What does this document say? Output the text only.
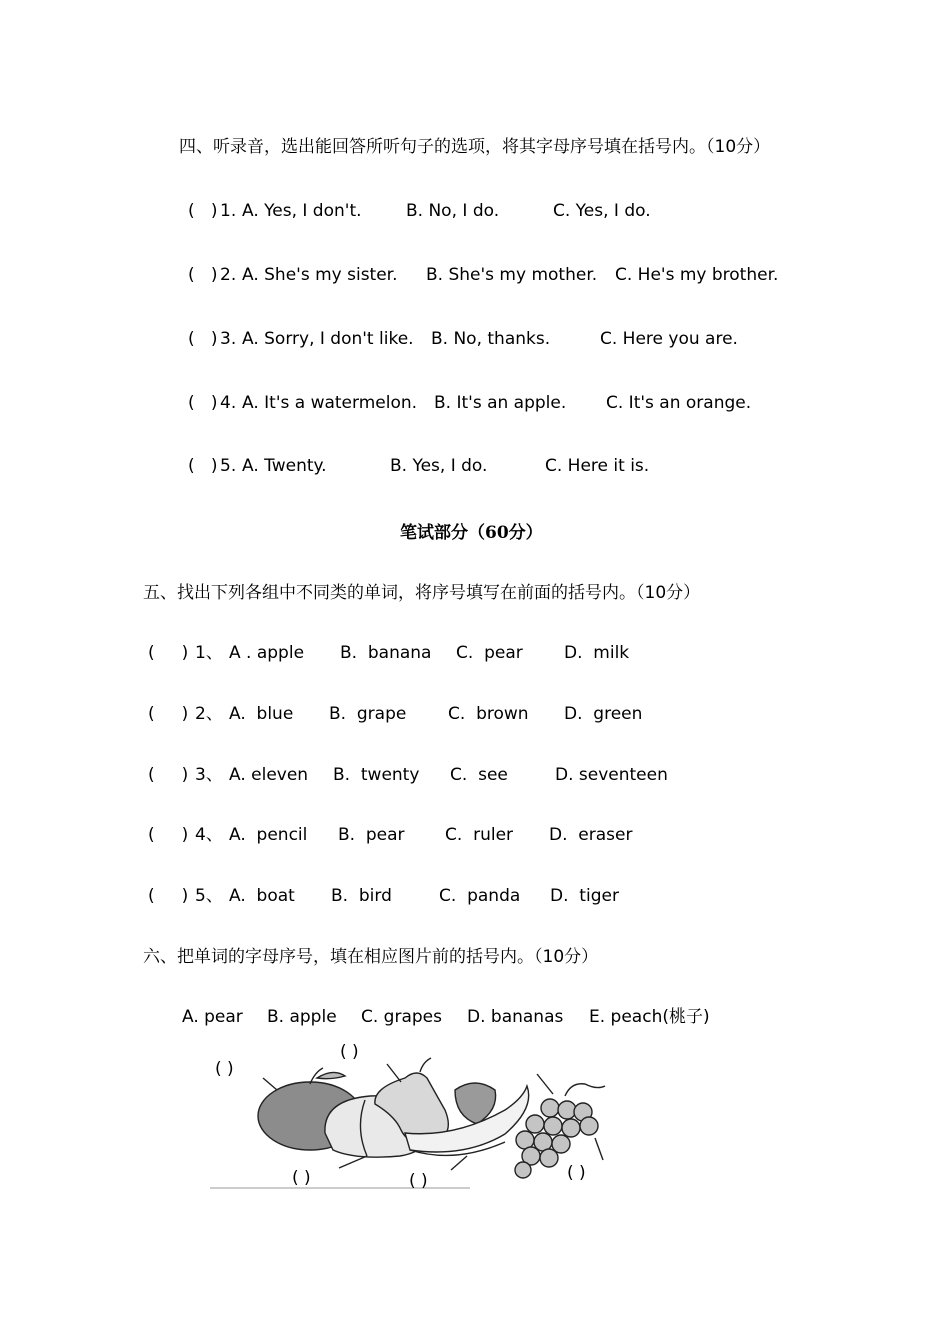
四、听录音，选出能回答所听句子的选项，将其字母序号填在括号内。（10分）
(   ) 1. A. Yes, I don't.	B. No, I do.	C. Yes, I do.
(   ) 2. A. She's my sister. B. She's my mother. C. He's my brother.
(   ) 3. A. Sorry, I don't like. B. No, thanks.	C. Here you are.
(   ) 4. A. It's a watermelon. B. It's an apple. C. It's an orange.
(   ) 5. A. Twenty.	B. Yes, I do.	C. Here it is.
笔试部分（60分）
五、找出下列各组中不同类的单词，将序号填写在前面的括号内。（10分）
(     ) 1、 A . apple B.  banana C.  pear D.  milk
(     ) 2、 A.  blue B.  grape C.  brown D.  green
(     ) 3、 A. eleven B.  twenty C.  see	D. seventeen
(     ) 4、 A.  pencil B.  pear C.  ruler D.  eraser
(     ) 5、 A.  boat B.  bird	C.  panda D.  tiger
六、把单词的字母序号，填在相应图片前的括号内。（10分）
A. pear B. apple C. grapes D. bananas E. peach(桃子)
( )
( )
( )	( )	( )
